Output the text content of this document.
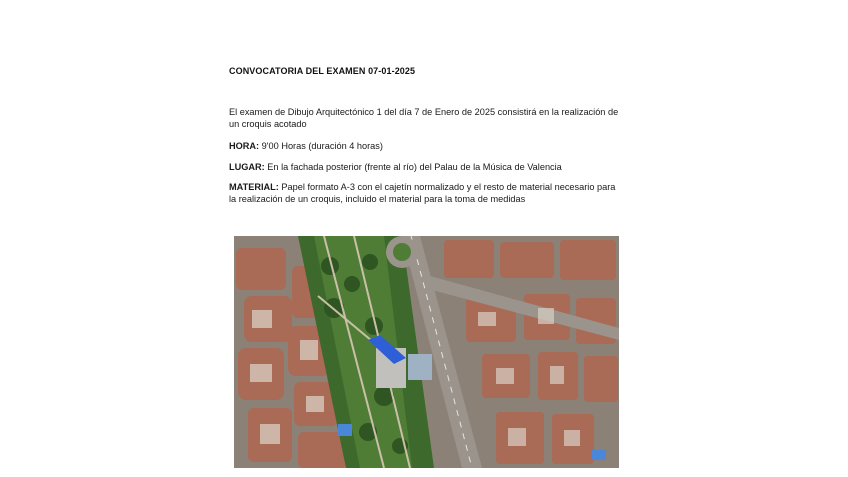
CONVOCATORIA DEL EXAMEN 07-01-2025
El examen de Dibujo Arquitectónico 1 del día 7 de Enero de 2025 consistirá en la realización de un croquis acotado
HORA: 9'00 Horas (duración 4 horas)
LUGAR: En la fachada posterior (frente al río) del Palau de la Música de Valencia
MATERIAL: Papel formato A-3 con el cajetín normalizado y el resto de material necesario para la realización de un croquis, incluido el material para la toma de medidas
